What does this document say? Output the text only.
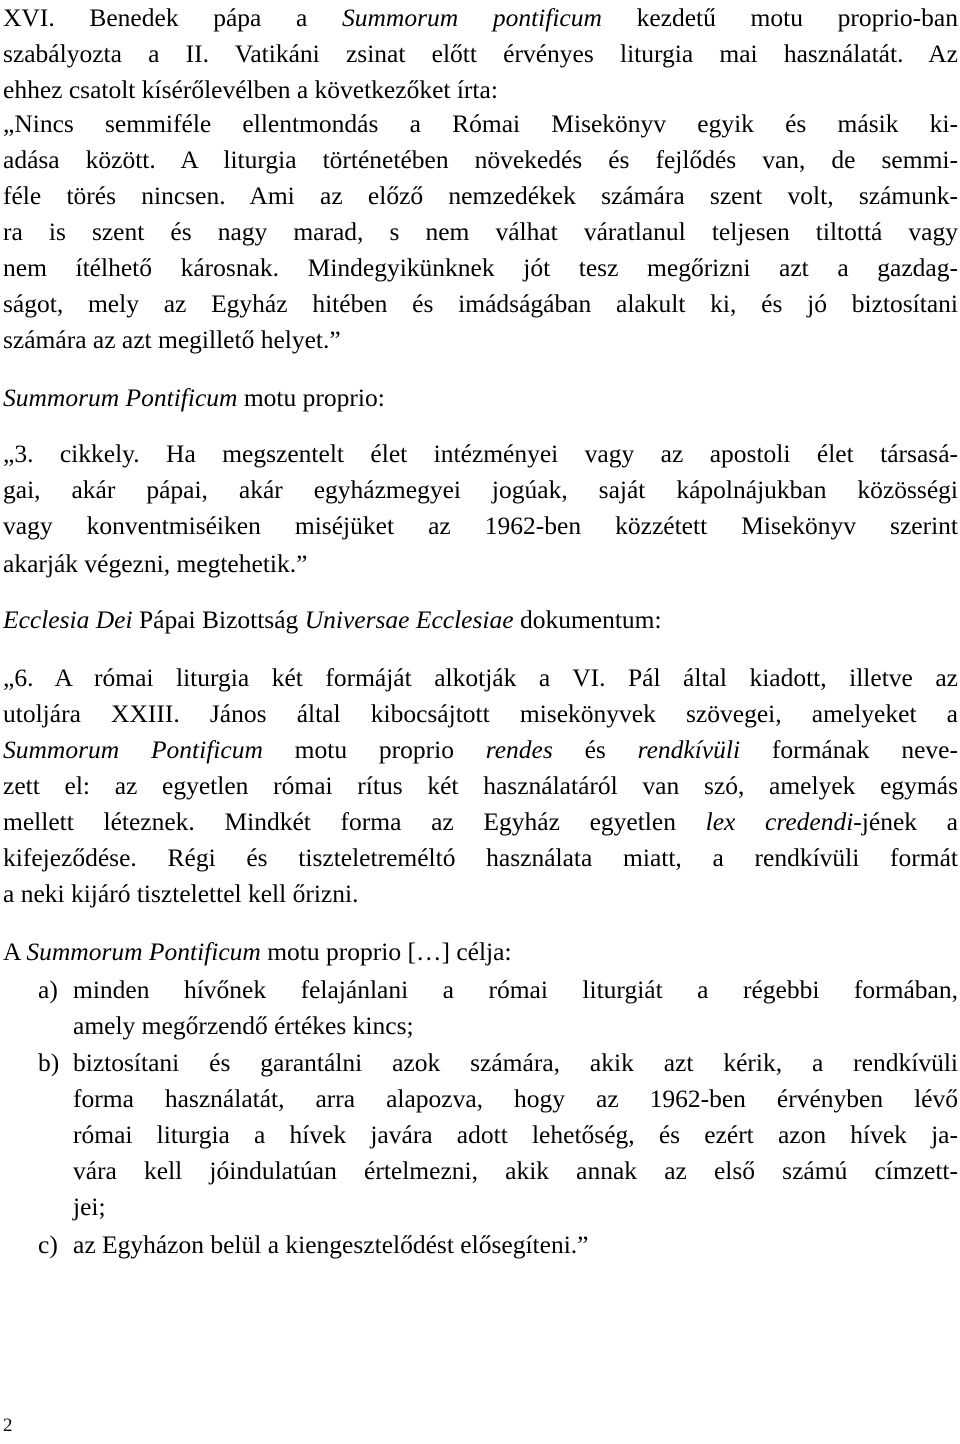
XVI. Benedek pápa a Summorum pontificum kezdetű motu proprio-ban
szabályozta a II. Vatikáni zsinat előtt érvényes liturgia mai használatát. Az
ehhez csatolt kísérőlevélben a következőket írta:
„Nincs semmiféle ellentmondás a Római Misekönyv egyik és másik ki-
adása között. A liturgia történetében növekedés és fejlődés van, de semmi-
féle törés nincsen. Ami az előző nemzedékek számára szent volt, számunk-
ra is szent és nagy marad, s nem válhat váratlanul teljesen tiltottá vagy
nem ítélhető károsnak. Mindegyikünknek jót tesz megőrizni azt a gazdag-
ságot, mely az Egyház hitében és imádságában alakult ki, és jó biztosítani
számára az azt megillető helyet.”
Summorum Pontificum motu proprio:
„3. cikkely. Ha megszentelt élet intézményei vagy az apostoli élet társasá-
gai, akár pápai, akár egyházmegyei jogúak, saját kápolnájukban közösségi
vagy konventmiséiken miséjüket az 1962-ben közzétett Misekönyv szerint
akarják végezni, megtehetik.”
Ecclesia Dei Pápai Bizottság Universae Ecclesiae dokumentum:
„6. A római liturgia két formáját alkotják a VI. Pál által kiadott, illetve az
utoljára XXIII. János által kibocsájtott misekönyvek szövegei, amelyeket a
Summorum Pontificum motu proprio rendes és rendkívüli formának neve-
zett el: az egyetlen római rítus két használatáról van szó, amelyek egymás
mellett léteznek. Mindkét forma az Egyház egyetlen lex credendi-jének a
kifejeződése. Régi és tiszteletreméltó használata miatt, a rendkívüli formát
a neki kijáró tisztelettel kell őrizni.
A Summorum Pontificum motu proprio […] célja:
a) minden hívőnek felajánlani a római liturgiát a régebbi formában,
amely megőrzendő értékes kincs;
b) biztosítani és garantálni azok számára, akik azt kérik, a rendkívüli
forma használatát, arra alapozva, hogy az 1962-ben érvényben lévő
római liturgia a hívek javára adott lehetőség, és ezért azon hívek ja-
vára kell jóindulatúan értelmezni, akik annak az első számú címzett-
jei;
c) az Egyházon belül a kiengesztelődést elősegíteni.”
2
